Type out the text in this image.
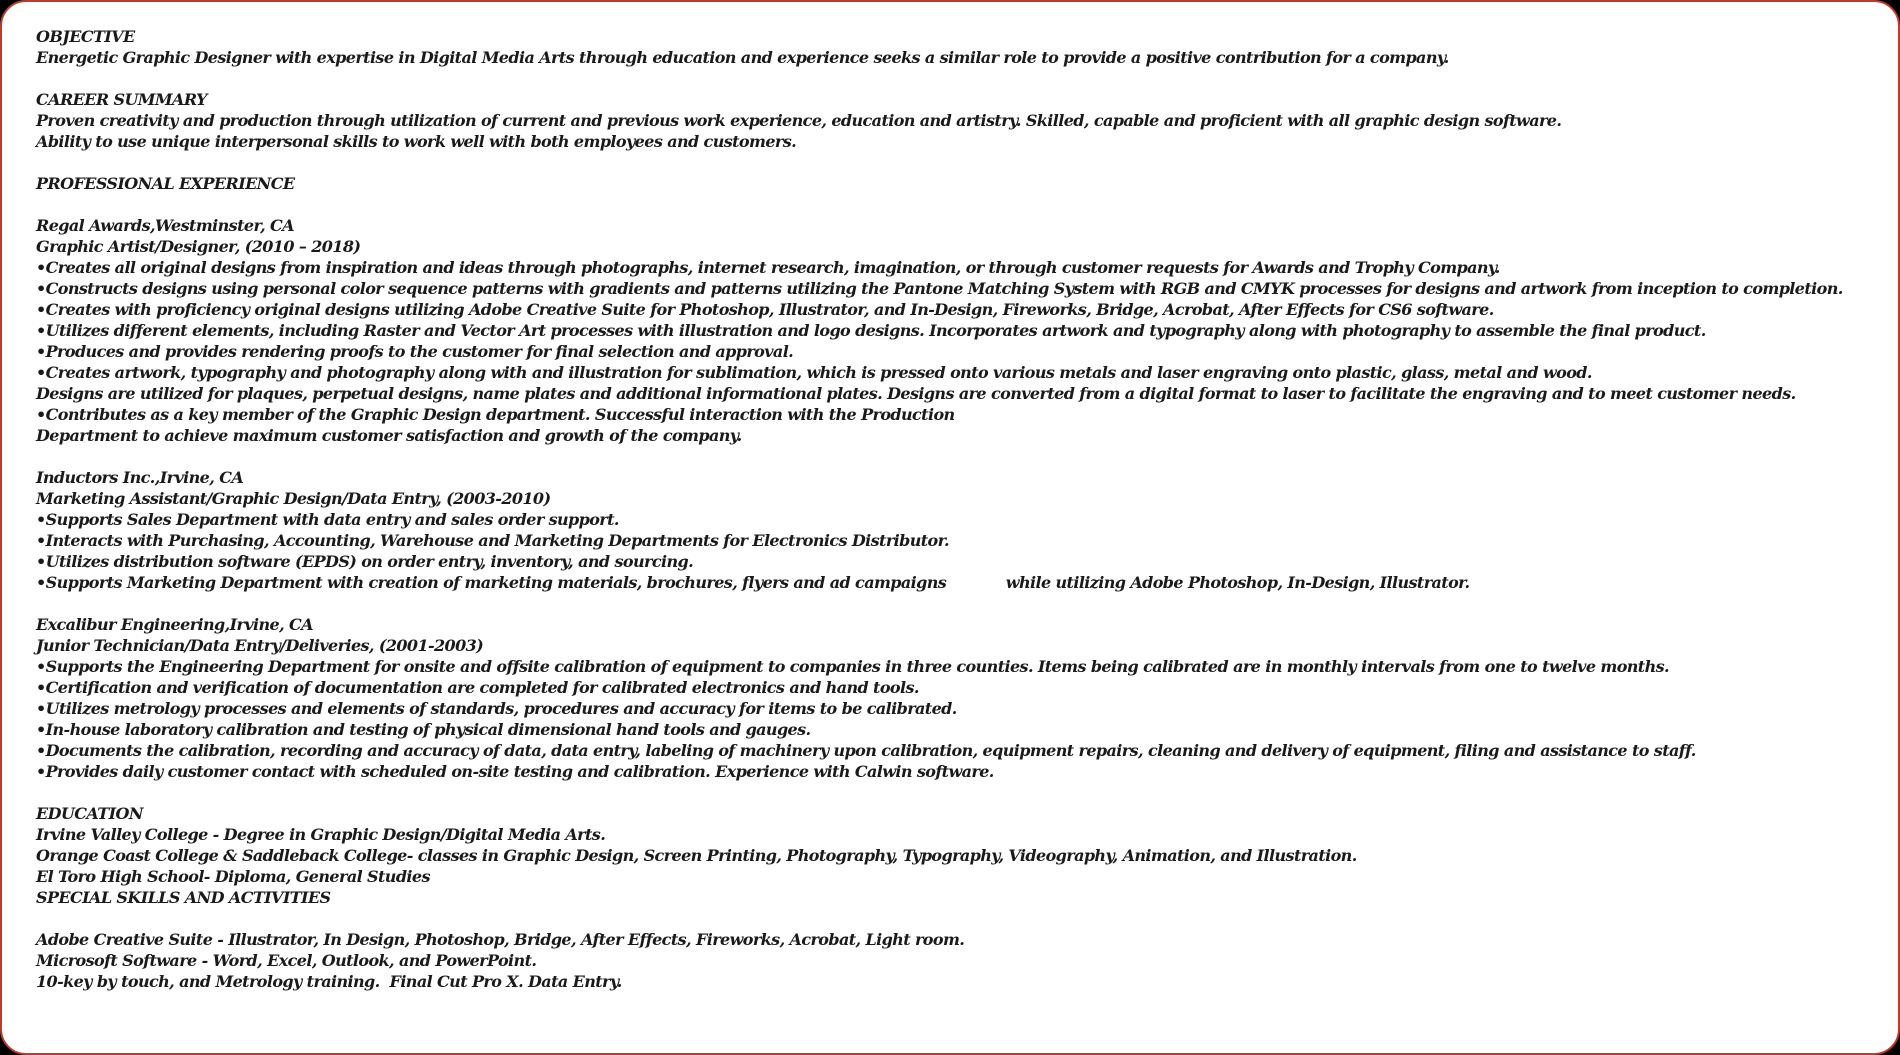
OBJECTIVE
Energetic Graphic Designer with expertise in Digital Media Arts through education and experience seeks a similar role to provide a positive contribution for a company.
CAREER SUMMARY
Proven creativity and production through utilization of current and previous work experience, education and artistry. Skilled, capable and proficient with all graphic design software.
Ability to use unique interpersonal skills to work well with both employees and customers.
PROFESSIONAL EXPERIENCE
Regal Awards,Westminster, CA
Graphic Artist/Designer, (2010 – 2018)
•Creates all original designs from inspiration and ideas through photographs, internet research, imagination, or through customer requests for Awards and Trophy Company.
•Constructs designs using personal color sequence patterns with gradients and patterns utilizing the Pantone Matching System with RGB and CMYK processes for designs and artwork from inception to completion.
•Creates with proficiency original designs utilizing Adobe Creative Suite for Photoshop, Illustrator, and In-Design, Fireworks, Bridge, Acrobat, After Effects for CS6 software.
•Utilizes different elements, including Raster and Vector Art processes with illustration and logo designs. Incorporates artwork and typography along with photography to assemble the final product.
•Produces and provides rendering proofs to the customer for final selection and approval.
•Creates artwork, typography and photography along with and illustration for sublimation, which is pressed onto various metals and laser engraving onto plastic, glass, metal and wood.
Designs are utilized for plaques, perpetual designs, name plates and additional informational plates. Designs are converted from a digital format to laser to facilitate the engraving and to meet customer needs.
•Contributes as a key member of the Graphic Design department. Successful interaction with the Production
Department to achieve maximum customer satisfaction and growth of the company.
Inductors Inc.,Irvine, CA
Marketing Assistant/Graphic Design/Data Entry, (2003-2010)
•Supports Sales Department with data entry and sales order support.
•Interacts with Purchasing, Accounting, Warehouse and Marketing Departments for Electronics Distributor.
•Utilizes distribution software (EPDS) on order entry, inventory, and sourcing.
•Supports Marketing Department with creation of marketing materials, brochures, flyers and ad campaigns            while utilizing Adobe Photoshop, In-Design, Illustrator.
Excalibur Engineering,Irvine, CA
Junior Technician/Data Entry/Deliveries, (2001-2003)
•Supports the Engineering Department for onsite and offsite calibration of equipment to companies in three counties. Items being calibrated are in monthly intervals from one to twelve months.
•Certification and verification of documentation are completed for calibrated electronics and hand tools.
•Utilizes metrology processes and elements of standards, procedures and accuracy for items to be calibrated.
•In-house laboratory calibration and testing of physical dimensional hand tools and gauges.
•Documents the calibration, recording and accuracy of data, data entry, labeling of machinery upon calibration, equipment repairs, cleaning and delivery of equipment, filing and assistance to staff.
•Provides daily customer contact with scheduled on-site testing and calibration. Experience with Calwin software.
EDUCATION
Irvine Valley College - Degree in Graphic Design/Digital Media Arts.
Orange Coast College & Saddleback College- classes in Graphic Design, Screen Printing, Photography, Typography, Videography, Animation, and Illustration.
El Toro High School- Diploma, General Studies
SPECIAL SKILLS AND ACTIVITIES
Adobe Creative Suite - Illustrator, In Design, Photoshop, Bridge, After Effects, Fireworks, Acrobat, Light room.
Microsoft Software - Word, Excel, Outlook, and PowerPoint.
10-key by touch, and Metrology training.  Final Cut Pro X. Data Entry.
